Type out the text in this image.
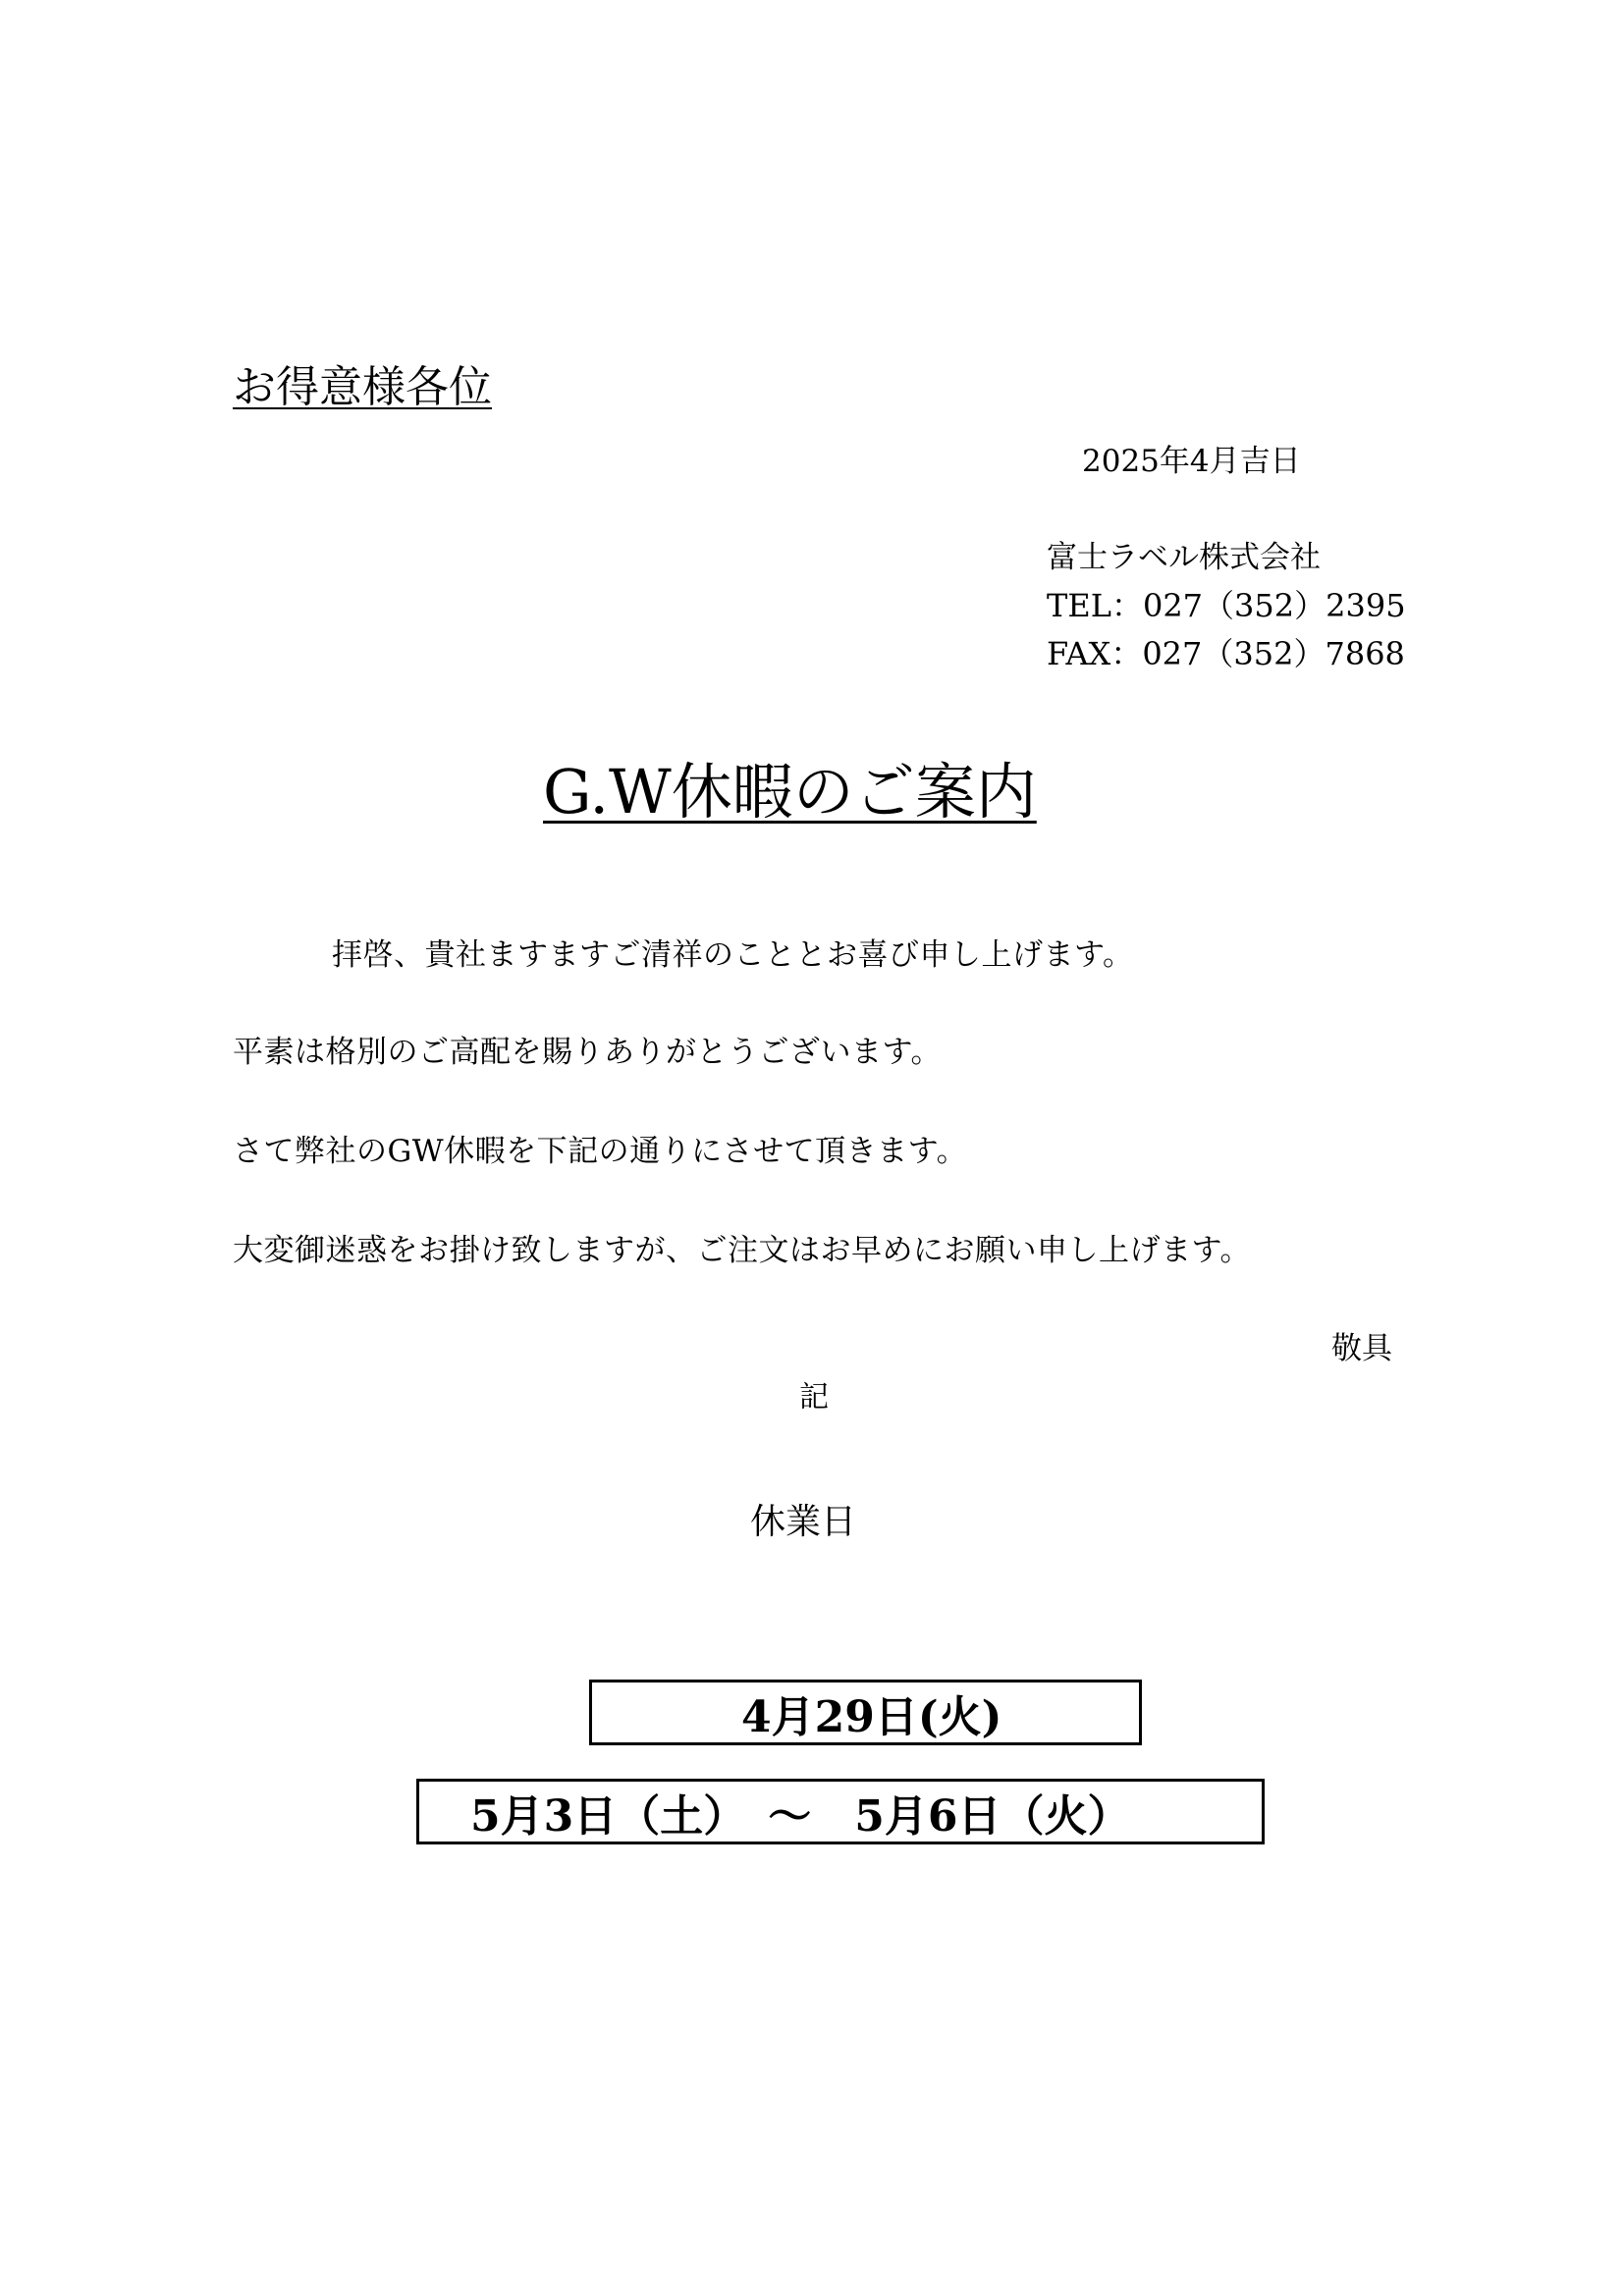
お得意様各位
2025年4月吉日
富士ラベル株式会社
TEL：027（352）2395
FAX：027（352）7868
G.W休暇のご案内
拝啓、貴社ますますご清祥のこととお喜び申し上げます。
平素は格別のご高配を賜りありがとうございます。
さて弊社のGW休暇を下記の通りにさせて頂きます。
大変御迷惑をお掛け致しますが、ご注文はお早めにお願い申し上げます。
敬具
記
休業日
4月29日(火)
5月3日（土）　～　5月6日（火）
